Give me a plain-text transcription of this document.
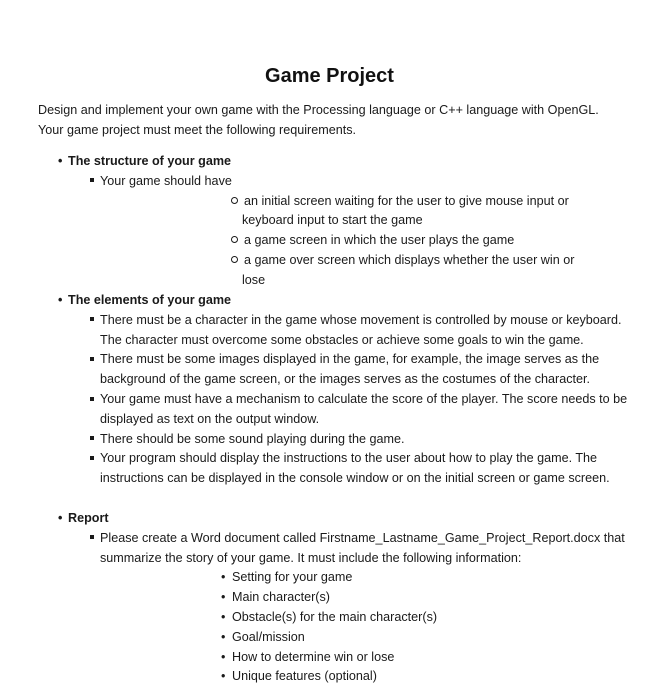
Game Project

Design and implement your own game with the Processing language or C++ language with OpenGL.

Your game project must meet the following requirements.

• The structure of your game
Your game should have
an initial screen waiting for the user to give mouse input or keyboard input to start the game
a game screen in which the user plays the game
a game over screen which displays whether the user win or lose
• The elements of your game
There must be a character in the game whose movement is controlled by mouse or keyboard. The character must overcome some obstacles or achieve some goals to win the game.
There must be some images displayed in the game, for example, the image serves as the background of the game screen, or the images serves as the costumes of the character.
Your game must have a mechanism to calculate the score of the player. The score needs to be displayed as text on the output window.
There should be some sound playing during the game.
Your program should display the instructions to the user about how to play the game. The instructions can be displayed in the console window or on the initial screen or game screen.
• Report
Please create a Word document called Firstname_Lastname_Game_Project_Report.docx that summarize the story of your game. It must include the following information:
• Setting for your game
• Main character(s)
• Obstacle(s) for the main character(s)
• Goal/mission
• How to determine win or lose
• Unique features (optional)
